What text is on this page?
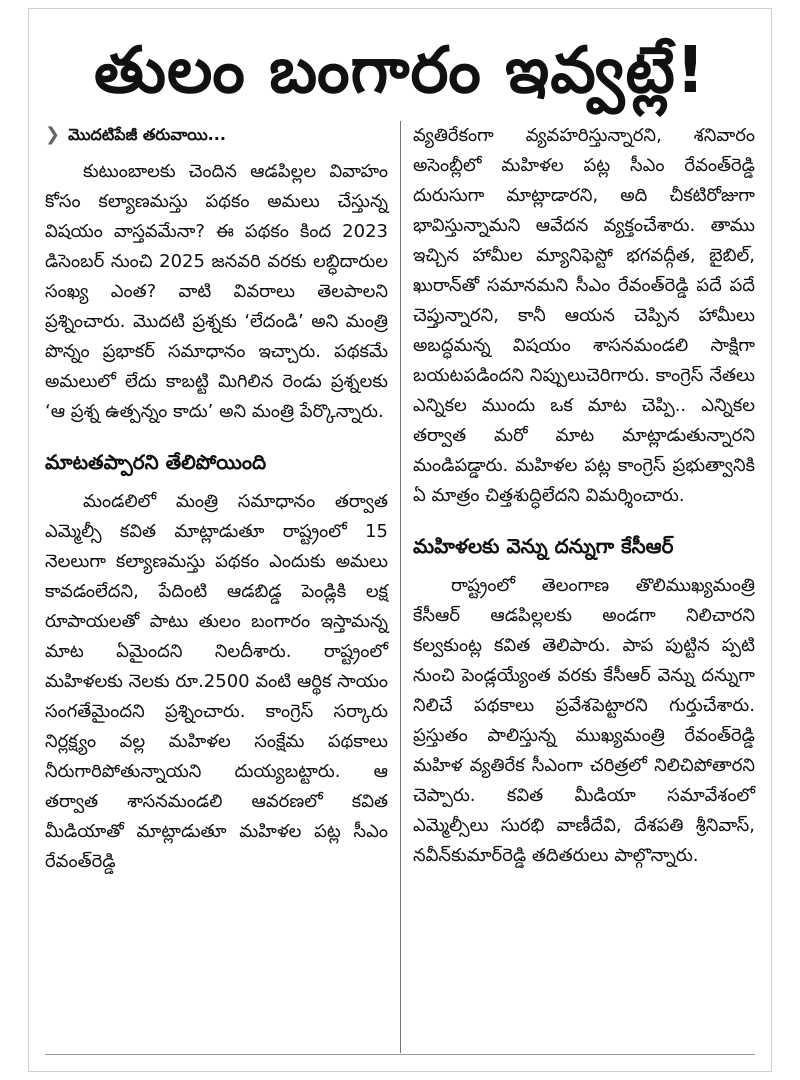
తులం బంగారం ఇవ్వట్లే!
❯ మొదటిపేజీ తరువాయి...

కుటుంబాలకు చెందిన ఆడపిల్లల వివాహం కోసం కల్యాణమస్తు పథకం అమలు చేస్తున్న విషయం వాస్తవమేనా? ఈ పథకం కింద 2023 డిసెంబర్ నుంచి 2025 జనవరి వరకు లబ్ధిదారుల సంఖ్య ఎంత? వాటి వివరాలు తెలపాలని ప్రశ్నించారు. మొదటి ప్రశ్నకు ‘లేదండి’ అని మంత్రి పొన్నం ప్రభాకర్ సమాధానం ఇచ్చారు. పథకమే అమలులో లేదు కాబట్టి మిగిలిన రెండు ప్రశ్నలకు ‘ఆ ప్రశ్న ఉత్పన్నం కాదు’ అని మంత్రి పేర్కొన్నారు.

మాటతప్పారని తేలిపోయింది

మండలిలో మంత్రి సమాధానం తర్వాత ఎమ్మెల్సీ కవిత మాట్లాడుతూ రాష్ట్రంలో 15 నెలలుగా కల్యాణమస్తు పథకం ఎందుకు అమలు కావడంలేదని, పేదింటి ఆడబిడ్డ పెండ్లికి లక్ష రూపాయలతో పాటు తులం బంగారం ఇస్తామన్న మాట ఏమైందని నిలదీశారు. రాష్ట్రంలో మహిళలకు నెలకు రూ.2500 వంటి ఆర్థిక సాయం సంగతేమైందని ప్రశ్నించారు. కాంగ్రెస్ సర్కారు నిర్లక్ష్యం వల్ల మహిళల సంక్షేమ పథకాలు నీరుగారిపోతున్నాయని దుయ్యబట్టారు. ఆ తర్వాత శాసనమండలి ఆవరణలో కవిత మీడియాతో మాట్లాడుతూ మహిళల పట్ల సీఎం రేవంత్‌రెడ్డి

వ్యతిరేకంగా వ్యవహరిస్తున్నారని, శనివారం అసెంబ్లీలో మహిళల పట్ల సీఎం రేవంత్‌రెడ్డి దురుసుగా మాట్లాడారని, అది చీకటిరోజుగా భావిస్తున్నామని ఆవేదన వ్యక్తంచేశారు. తాము ఇచ్చిన హామీల మ్యానిఫెస్టో భగవద్గీత, బైబిల్, ఖురాన్‌తో సమానమని సీఎం రేవంత్‌రెడ్డి పదే పదే చెప్తున్నారని, కానీ ఆయన చెప్పిన హామీలు అబద్ధమన్న విషయం శాసనమండలి సాక్షిగా బయటపడిందని నిప్పులుచెరిగారు. కాంగ్రెస్ నేతలు ఎన్నికల ముందు ఒక మాట చెప్పి.. ఎన్నికల తర్వాత మరో మాట మాట్లాడుతున్నారని మండిపడ్డారు. మహిళల పట్ల కాంగ్రెస్ ప్రభుత్వానికి ఏ మాత్రం చిత్తశుద్ధిలేదని విమర్శించారు.

మహిళలకు వెన్ను దన్నుగా కేసీఆర్

రాష్ట్రంలో తెలంగాణ తొలిముఖ్యమంత్రి కేసీఆర్ ఆడపిల్లలకు అండగా నిలిచారని కల్వకుంట్ల కవిత తెలిపారు. పాప పుట్టిన ప్పటి నుంచి పెండ్లయ్యేంత వరకు కేసీఆర్ వెన్ను దన్నుగా నిలిచే పథకాలు ప్రవేశపెట్టారని గుర్తుచేశారు. ప్రస్తుతం పాలిస్తున్న ముఖ్యమంత్రి రేవంత్‌రెడ్డి మహిళ వ్యతిరేక సీఎంగా చరిత్రలో నిలిచిపోతారని చెప్పారు. కవిత మీడియా సమావేశంలో ఎమ్మెల్సీలు సురభి వాణీదేవి, దేశపతి శ్రీనివాస్, నవీన్‌కుమార్‌రెడ్డి తదితరులు పాల్గొన్నారు.
